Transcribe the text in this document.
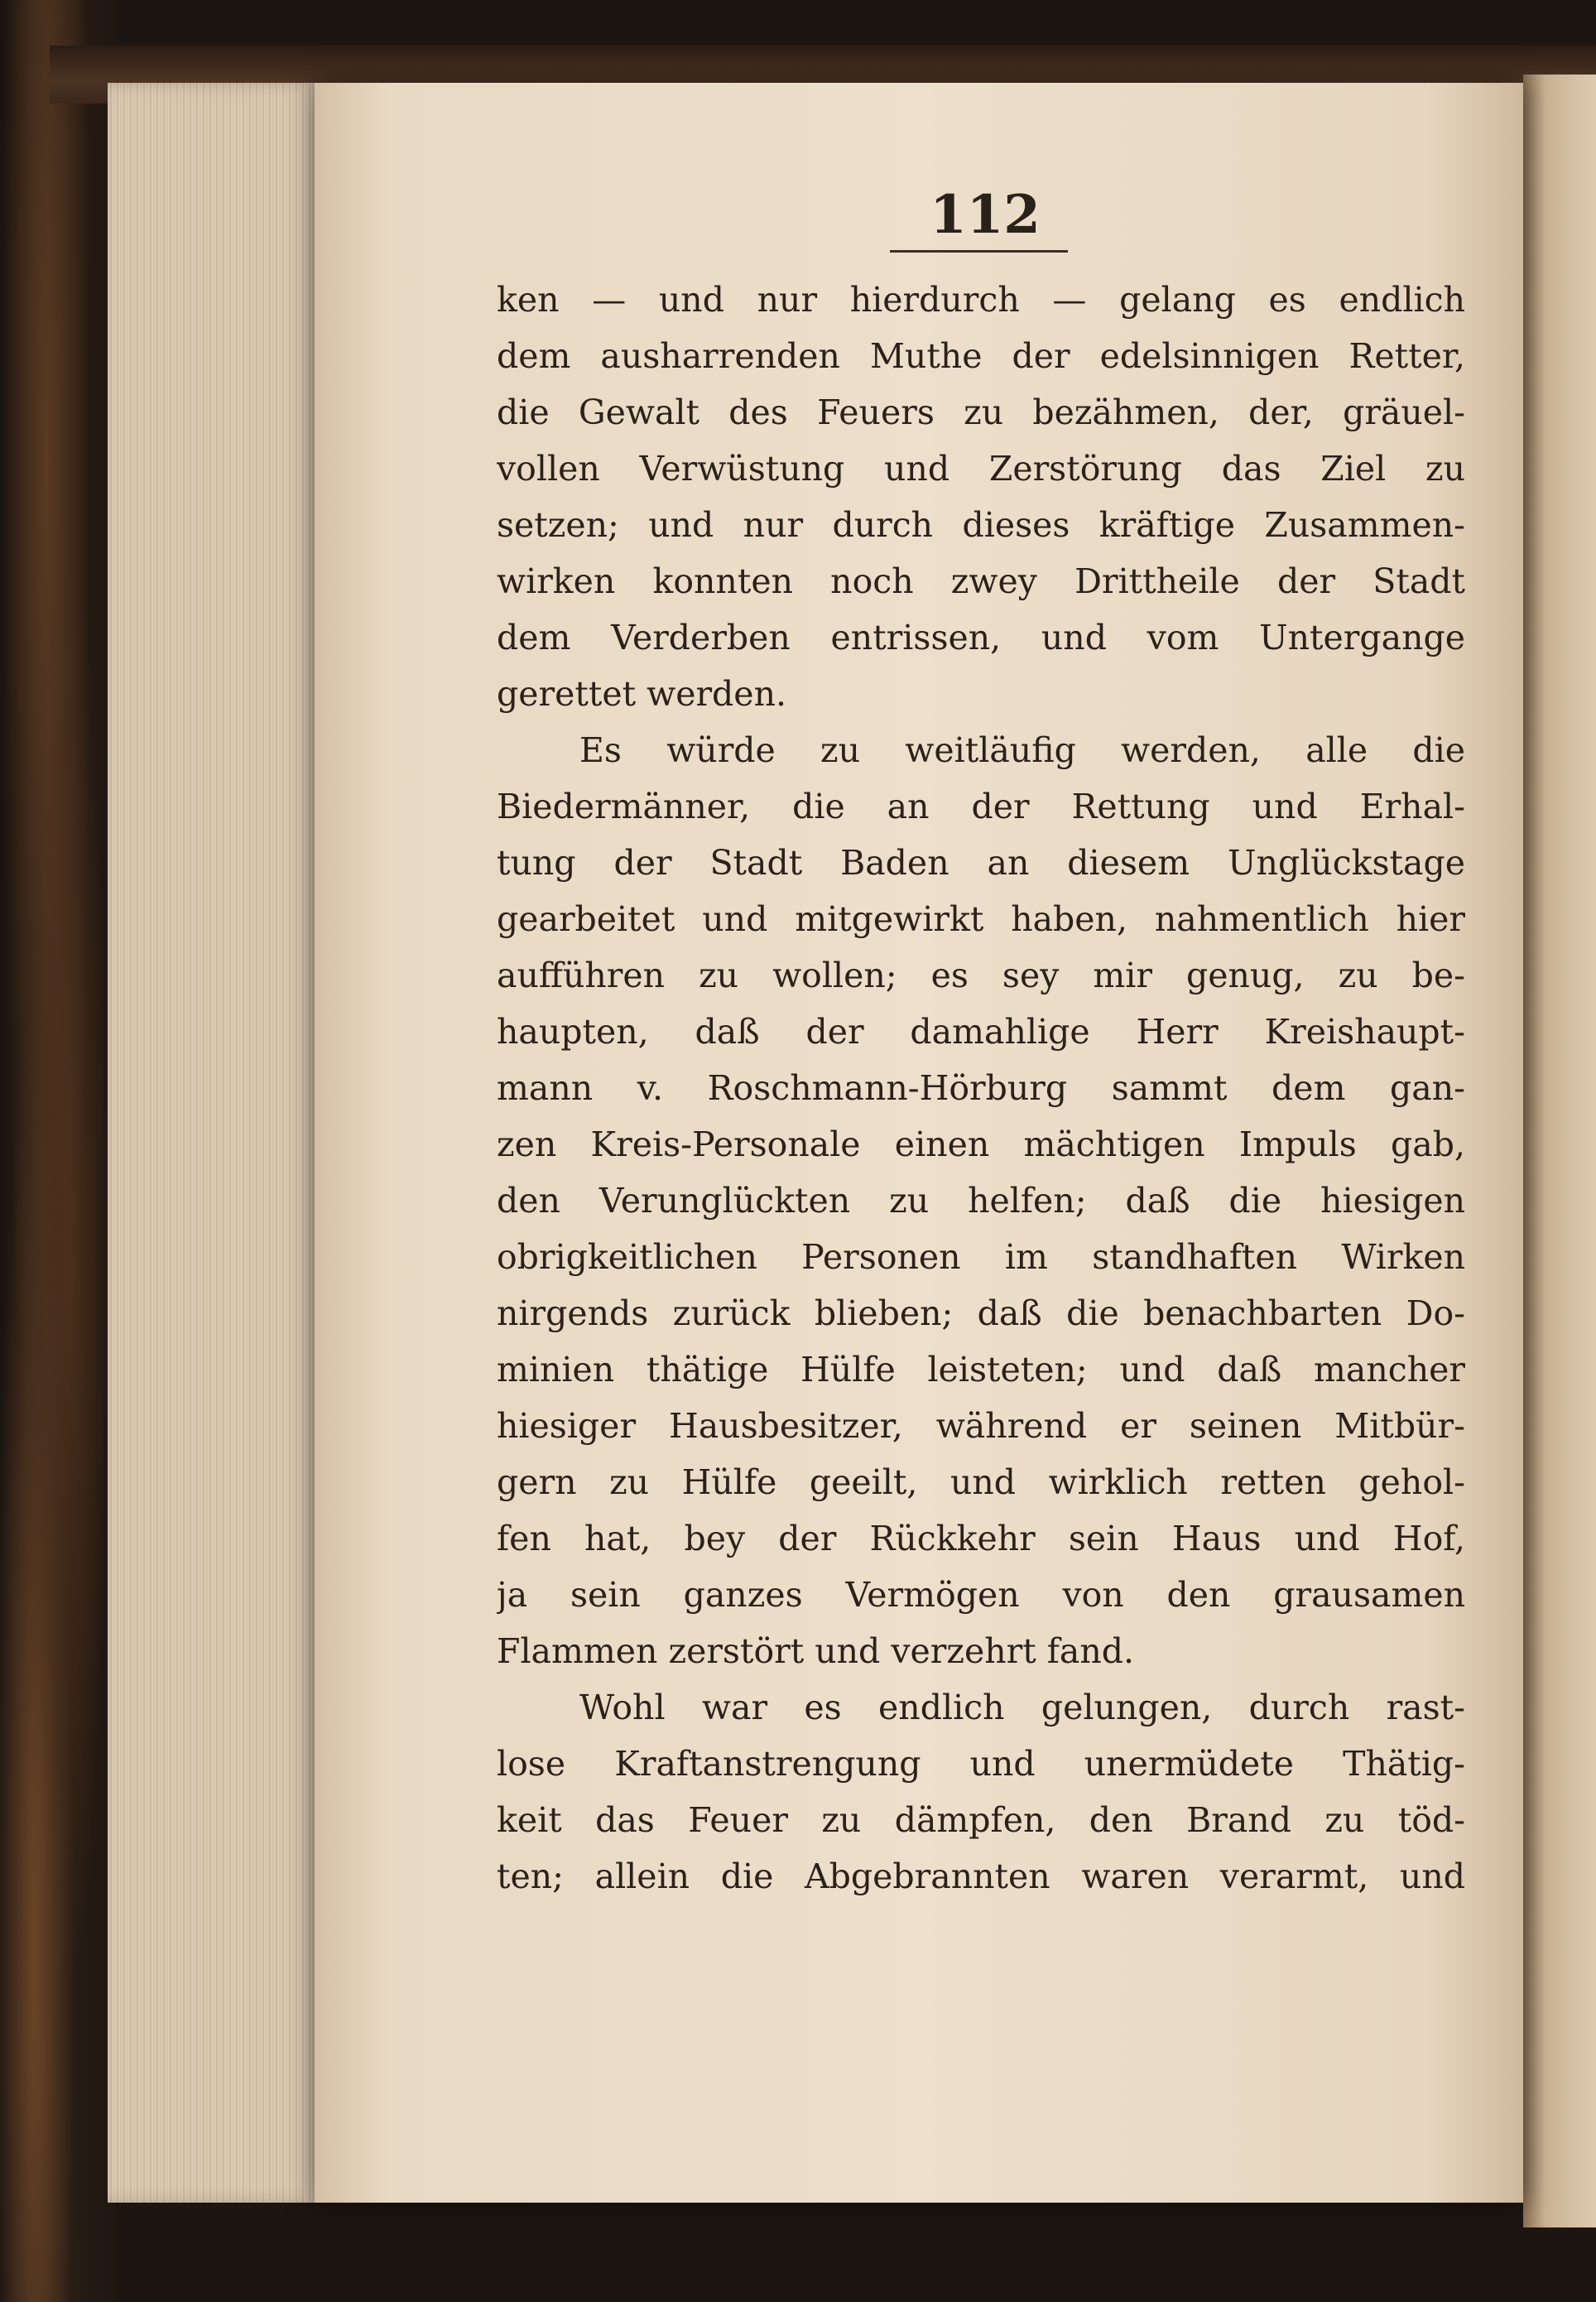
112
ken — und nur hierdurch — gelang es endlich
dem ausharrenden Muthe der edelsinnigen Retter,
die Gewalt des Feuers zu bezähmen, der, gräuel-
vollen Verwüstung und Zerstörung das Ziel zu
setzen; und nur durch dieses kräftige Zusammen-
wirken konnten noch zwey Drittheile der Stadt
dem Verderben entrissen, und vom Untergange
gerettet werden.
Es würde zu weitläufig werden, alle die
Biedermänner, die an der Rettung und Erhal-
tung der Stadt Baden an diesem Unglückstage
gearbeitet und mitgewirkt haben, nahmentlich hier
aufführen zu wollen; es sey mir genug, zu be-
haupten, daß der damahlige Herr Kreishaupt-
mann v. Roschmann-Hörburg sammt dem gan-
zen Kreis-Personale einen mächtigen Impuls gab,
den Verunglückten zu helfen; daß die hiesigen
obrigkeitlichen Personen im standhaften Wirken
nirgends zurück blieben; daß die benachbarten Do-
minien thätige Hülfe leisteten; und daß mancher
hiesiger Hausbesitzer, während er seinen Mitbür-
gern zu Hülfe geeilt, und wirklich retten gehol-
fen hat, bey der Rückkehr sein Haus und Hof,
ja sein ganzes Vermögen von den grausamen
Flammen zerstört und verzehrt fand.
Wohl war es endlich gelungen, durch rast-
lose Kraftanstrengung und unermüdete Thätig-
keit das Feuer zu dämpfen, den Brand zu töd-
ten; allein die Abgebrannten waren verarmt, und
